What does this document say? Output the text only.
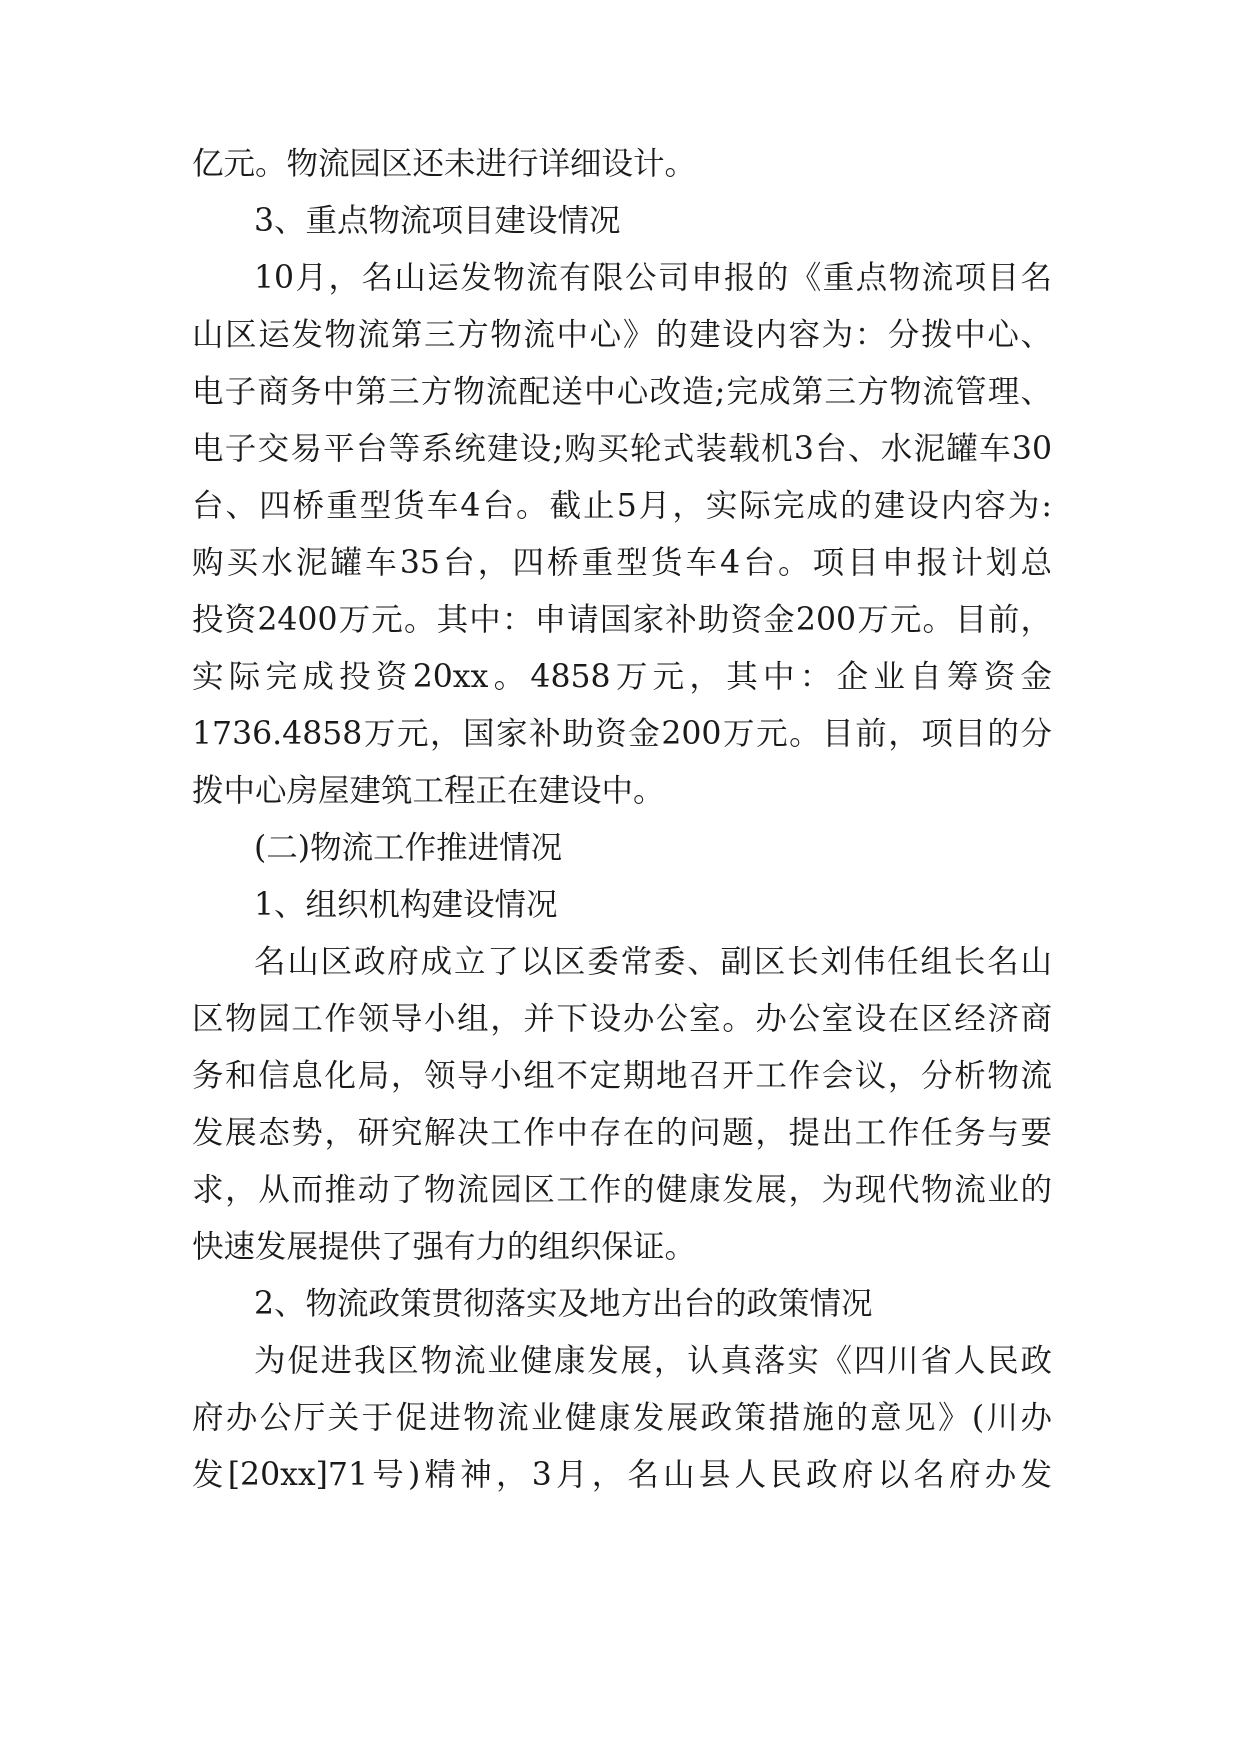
亿元。物流园区还未进行详细设计。
3、重点物流项目建设情况
10月，名山运发物流有限公司申报的《重点物流项目名
山区运发物流第三方物流中心》的建设内容为：分拨中心、
电子商务中第三方物流配送中心改造;完成第三方物流管理、
电子交易平台等系统建设;购买轮式装载机3台、水泥罐车30
台、四桥重型货车4台。截止5月，实际完成的建设内容为:
购买水泥罐车35台，四桥重型货车4台。项目申报计划总
投资2400万元。其中：申请国家补助资金200万元。目前，
实际完成投资20xx。4858万元，其中：企业自筹资金
1736.4858万元，国家补助资金200万元。目前，项目的分
拨中心房屋建筑工程正在建设中。
(二)物流工作推进情况
1、组织机构建设情况
名山区政府成立了以区委常委、副区长刘伟任组长名山
区物园工作领导小组，并下设办公室。办公室设在区经济商
务和信息化局，领导小组不定期地召开工作会议，分析物流
发展态势，研究解决工作中存在的问题，提出工作任务与要
求，从而推动了物流园区工作的健康发展，为现代物流业的
快速发展提供了强有力的组织保证。
2、物流政策贯彻落实及地方出台的政策情况
为促进我区物流业健康发展，认真落实《四川省人民政
府办公厅关于促进物流业健康发展政策措施的意见》(川办
发[20xx]71号)精神，3月，名山县人民政府以名府办发
